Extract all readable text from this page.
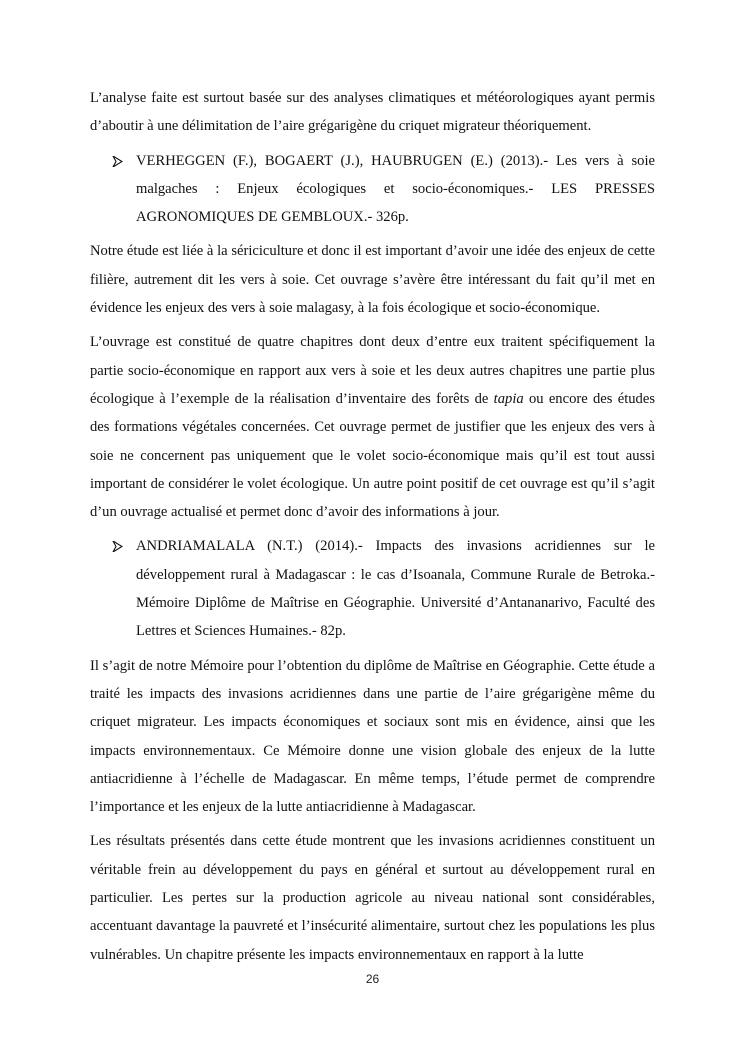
L’analyse faite est surtout basée sur des analyses climatiques et météorologiques ayant permis d’aboutir à une délimitation de l’aire grégarigène du criquet migrateur théoriquement.

VERHEGGEN (F.), BOGAERT (J.), HAUBRUGEN (E.) (2013).- Les vers à soie malgaches : Enjeux écologiques et socio-économiques.- LES PRESSES AGRONOMIQUES DE GEMBLOUX.- 326p.

Notre étude est liée à la sériciculture et donc il est important d’avoir une idée des enjeux de cette filière, autrement dit les vers à soie. Cet ouvrage s’avère être intéressant du fait qu’il met en évidence les enjeux des vers à soie malagasy, à la fois écologique et socio-économique.

L’ouvrage est constitué de quatre chapitres dont deux d’entre eux traitent spécifiquement la partie socio-économique en rapport aux vers à soie et les deux autres chapitres une partie plus écologique à l’exemple de la réalisation d’inventaire des forêts de tapia ou encore des études des formations végétales concernées. Cet ouvrage permet de justifier que les enjeux des vers à soie ne concernent pas uniquement que le volet socio-économique mais qu’il est tout aussi important de considérer le volet écologique. Un autre point positif de cet ouvrage est qu’il s’agit d’un ouvrage actualisé et permet donc d’avoir des informations à jour.

ANDRIAMALALA (N.T.) (2014).- Impacts des invasions acridiennes sur le développement rural à Madagascar : le cas d’Isoanala, Commune Rurale de Betroka.- Mémoire Diplôme de Maîtrise en Géographie. Université d’Antananarivo, Faculté des Lettres et Sciences Humaines.- 82p.

Il s’agit de notre Mémoire pour l’obtention du diplôme de Maîtrise en Géographie. Cette étude a traité les impacts des invasions acridiennes dans une partie de l’aire grégarigène même du criquet migrateur. Les impacts économiques et sociaux sont mis en évidence, ainsi que les impacts environnementaux. Ce Mémoire donne une vision globale des enjeux de la lutte antiacridienne à l’échelle de Madagascar. En même temps, l’étude permet de comprendre l’importance et les enjeux de la lutte antiacridienne à Madagascar.

Les résultats présentés dans cette étude montrent que les invasions acridiennes constituent un véritable frein au développement du pays en général et surtout au développement rural en particulier. Les pertes sur la production agricole au niveau national sont considérables, accentuant davantage la pauvreté et l’insécurité alimentaire, surtout chez les populations les plus vulnérables. Un chapitre présente les impacts environnementaux en rapport à la lutte

26
